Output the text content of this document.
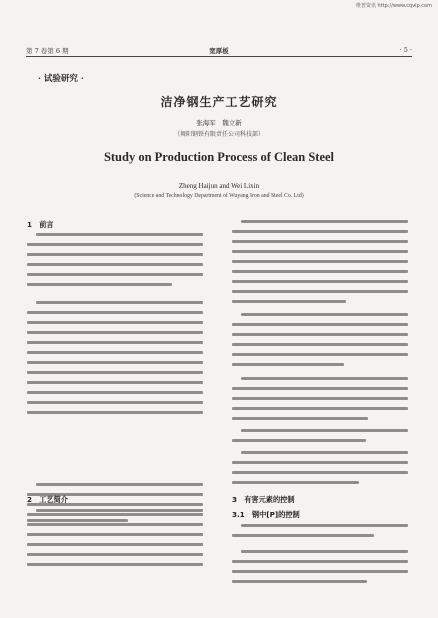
维普资讯 http://www.cqvip.com
第 7 卷第 6 期	宽厚板	· 5 ·
· 试验研究 ·
洁净钢生产工艺研究
张海军　魏立新
（舞阳钢铁有限责任公司科技部）
Study on Production Process of Clean Steel
Zheng Haijun and Wei Lixin
(Science and Technology Department of Wuyang Iron and Steel Co. Ltd)
1　前言
2　工艺简介	3　有害元素的控制
3.1　钢中[P]的控制
